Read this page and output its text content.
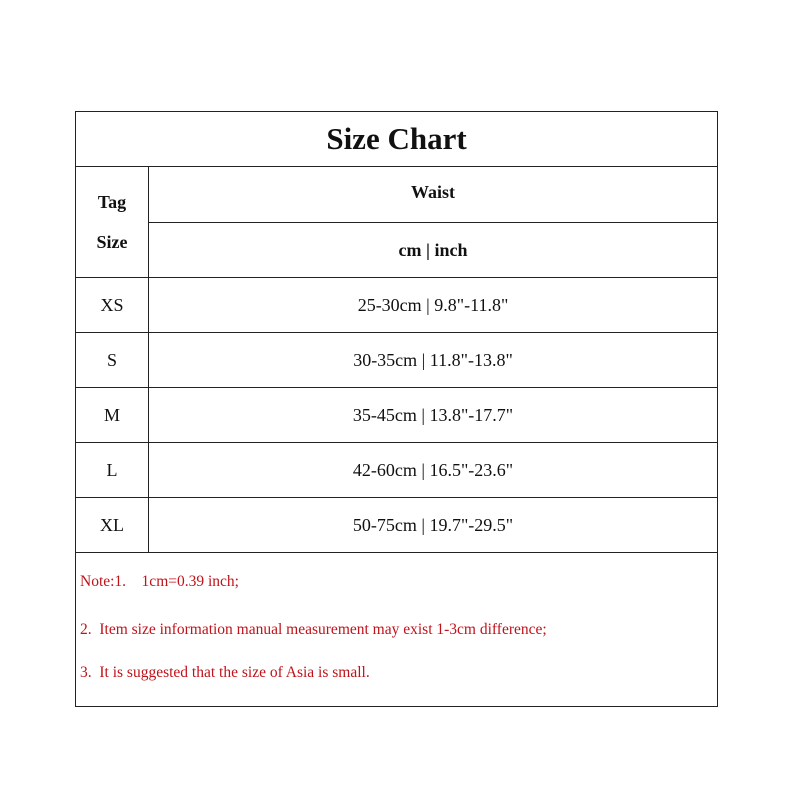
Size Chart
Tag
Size
Waist
cm | inch
XS	25-30cm | 9.8"-11.8"
S	30-35cm | 11.8"-13.8"
M	35-45cm | 13.8"-17.7"
L	42-60cm | 16.5"-23.6"
XL	50-75cm | 19.7"-29.5"
Note:1.    1cm=0.39 inch;
2.  Item size information manual measurement may exist 1-3cm difference;
3.  It is suggested that the size of Asia is small.
